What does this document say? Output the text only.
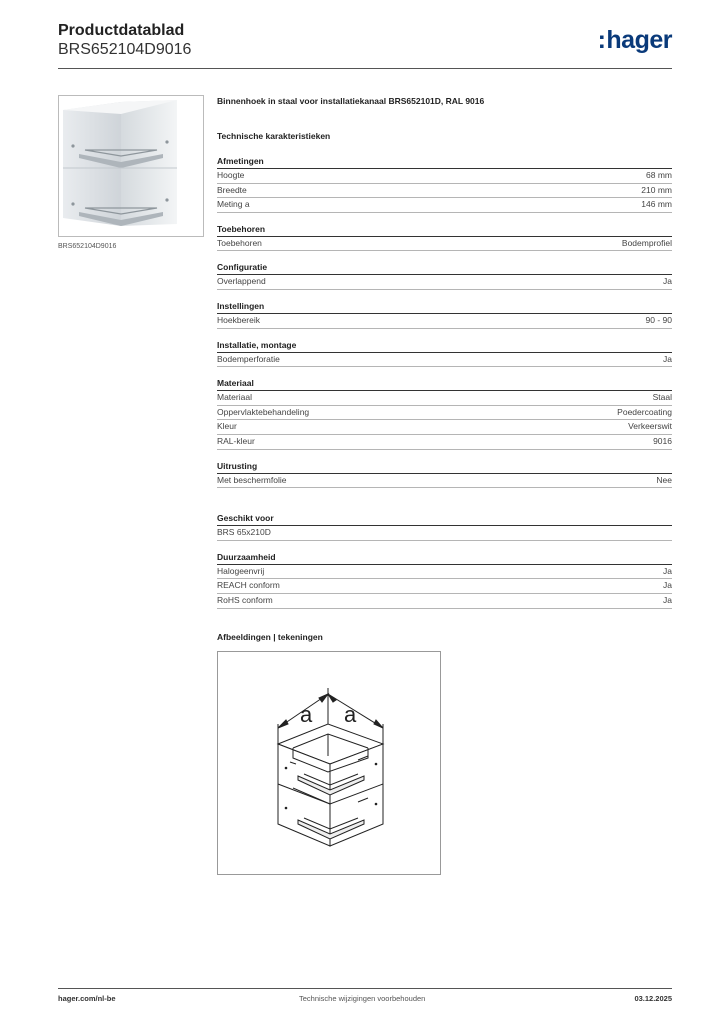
Productdatablad
BRS652104D9016	:hager
BRS652104D9016
Binnenhoek in staal voor installatiekanaal BRS652101D, RAL 9016
Technische karakteristieken
Afmetingen
Hoogte	68 mm
Breedte	210 mm
Meting a	146 mm
Toebehoren
Toebehoren	Bodemprofiel
Configuratie
Overlappend	Ja
Instellingen
Hoekbereik	90 - 90
Installatie, montage
Bodemperforatie	Ja
Materiaal
Materiaal	Staal
Oppervlaktebehandeling	Poedercoating
Kleur	Verkeerswit
RAL-kleur	9016
Uitrusting
Met beschermfolie	Nee
Geschikt voor
BRS 65x210D
Duurzaamheid
Halogeenvrij	Ja
REACH conform	Ja
RoHS conform	Ja
Afbeeldingen | tekeningen
a a
hager.com/nl-be	Technische wijzigingen voorbehouden	03.12.2025
